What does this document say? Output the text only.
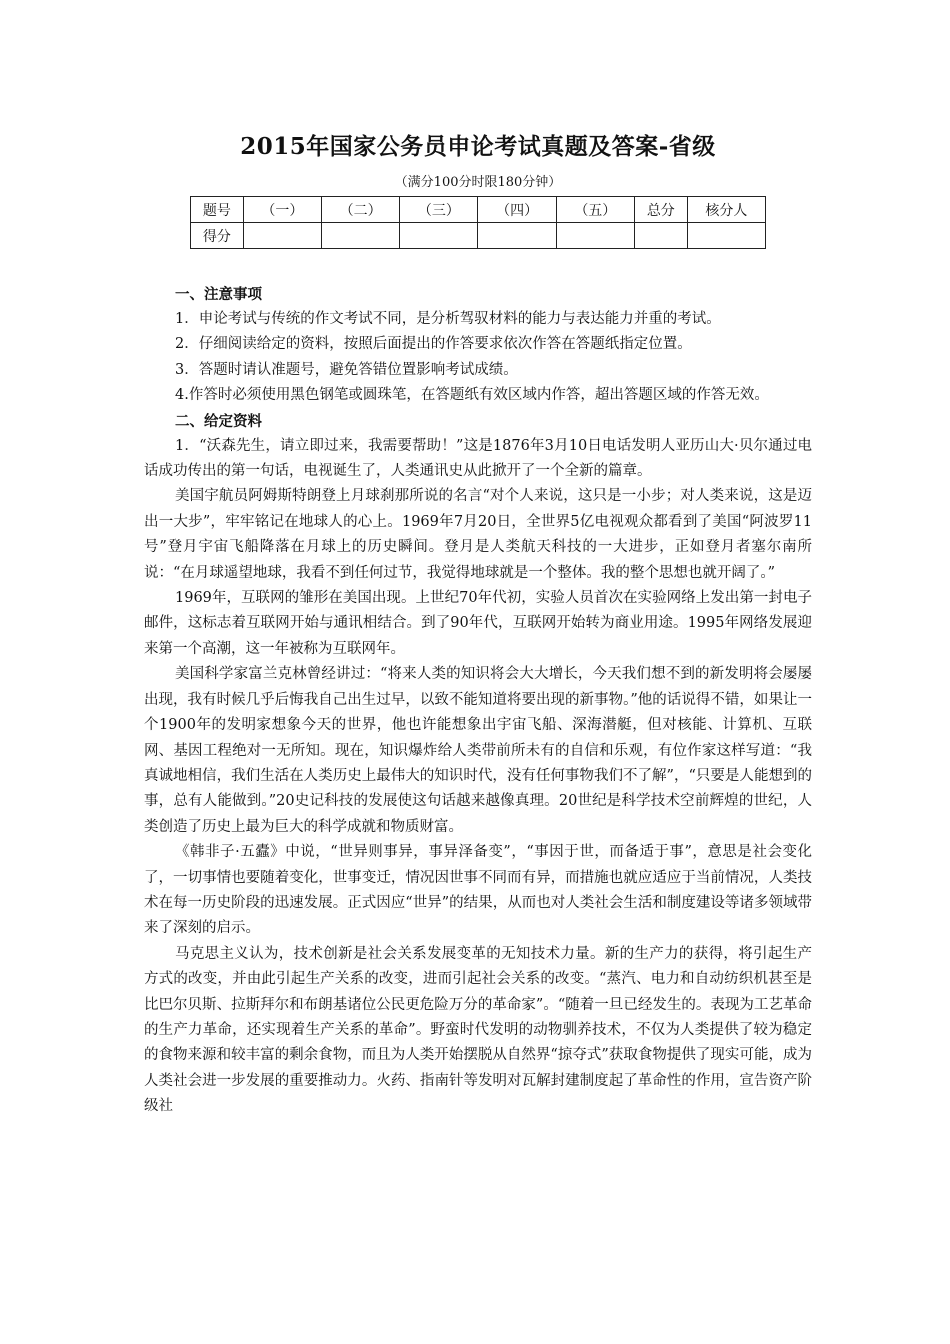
2015年国家公务员申论考试真题及答案-省级
（满分100分时限180分钟）
题号	（一）	（二）	（三）	（四）	（五）	总分	核分人
得分							
一、注意事项

1．申论考试与传统的作文考试不同，是分析驾驭材料的能力与表达能力并重的考试。

2．仔细阅读给定的资料，按照后面提出的作答要求依次作答在答题纸指定位置。

3．答题时请认准题号，避免答错位置影响考试成绩。

4.作答时必须使用黑色钢笔或圆珠笔，在答题纸有效区域内作答，超出答题区域的作答无效。

二、给定资料

1．“沃森先生，请立即过来，我需要帮助！”这是1876年3月10日电话发明人亚历山大·贝尔通过电话成功传出的第一句话，电视诞生了，人类通讯史从此掀开了一个全新的篇章。

美国宇航员阿姆斯特朗登上月球刹那所说的名言“对个人来说，这只是一小步；对人类来说，这是迈出一大步”，牢牢铭记在地球人的心上。1969年7月20日，全世界5亿电视观众都看到了美国“阿波罗11号”登月宇宙飞船降落在月球上的历史瞬间。登月是人类航天科技的一大进步，正如登月者塞尔南所说：“在月球遥望地球，我看不到任何过节，我觉得地球就是一个整体。我的整个思想也就开阔了。”

1969年，互联网的雏形在美国出现。上世纪70年代初，实验人员首次在实验网络上发出第一封电子邮件，这标志着互联网开始与通讯相结合。到了90年代，互联网开始转为商业用途。1995年网络发展迎来第一个高潮，这一年被称为互联网年。

美国科学家富兰克林曾经讲过：“将来人类的知识将会大大增长，今天我们想不到的新发明将会屡屡出现，我有时候几乎后悔我自己出生过早，以致不能知道将要出现的新事物。”他的话说得不错，如果让一个1900年的发明家想象今天的世界，他也许能想象出宇宙飞船、深海潜艇，但对核能、计算机、互联网、基因工程绝对一无所知。现在，知识爆炸给人类带前所未有的自信和乐观，有位作家这样写道：“我真诚地相信，我们生活在人类历史上最伟大的知识时代，没有任何事物我们不了解”，“只要是人能想到的事，总有人能做到。”20史记科技的发展使这句话越来越像真理。20世纪是科学技术空前辉煌的世纪，人类创造了历史上最为巨大的科学成就和物质财富。

《韩非子·五蠹》中说，“世异则事异，事异泽备变”，“事因于世，而备适于事”，意思是社会变化了，一切事情也要随着变化，世事变迁，情况因世事不同而有异，而措施也就应适应于当前情况，人类技术在每一历史阶段的迅速发展。正式因应“世异”的结果，从而也对人类社会生活和制度建设等诸多领域带来了深刻的启示。

马克思主义认为，技术创新是社会关系发展变革的无知技术力量。新的生产力的获得，将引起生产方式的改变，并由此引起生产关系的改变，进而引起社会关系的改变。“蒸汽、电力和自动纺织机甚至是比巴尔贝斯、拉斯拜尔和布朗基诸位公民更危险万分的革命家”。“随着一旦已经发生的。表现为工艺革命的生产力革命，还实现着生产关系的革命”。野蛮时代发明的动物驯养技术，不仅为人类提供了较为稳定的食物来源和较丰富的剩余食物，而且为人类开始摆脱从自然界“掠夺式”获取食物提供了现实可能，成为人类社会进一步发展的重要推动力。火药、指南针等发明对瓦解封建制度起了革命性的作用，宣告资产阶级社
